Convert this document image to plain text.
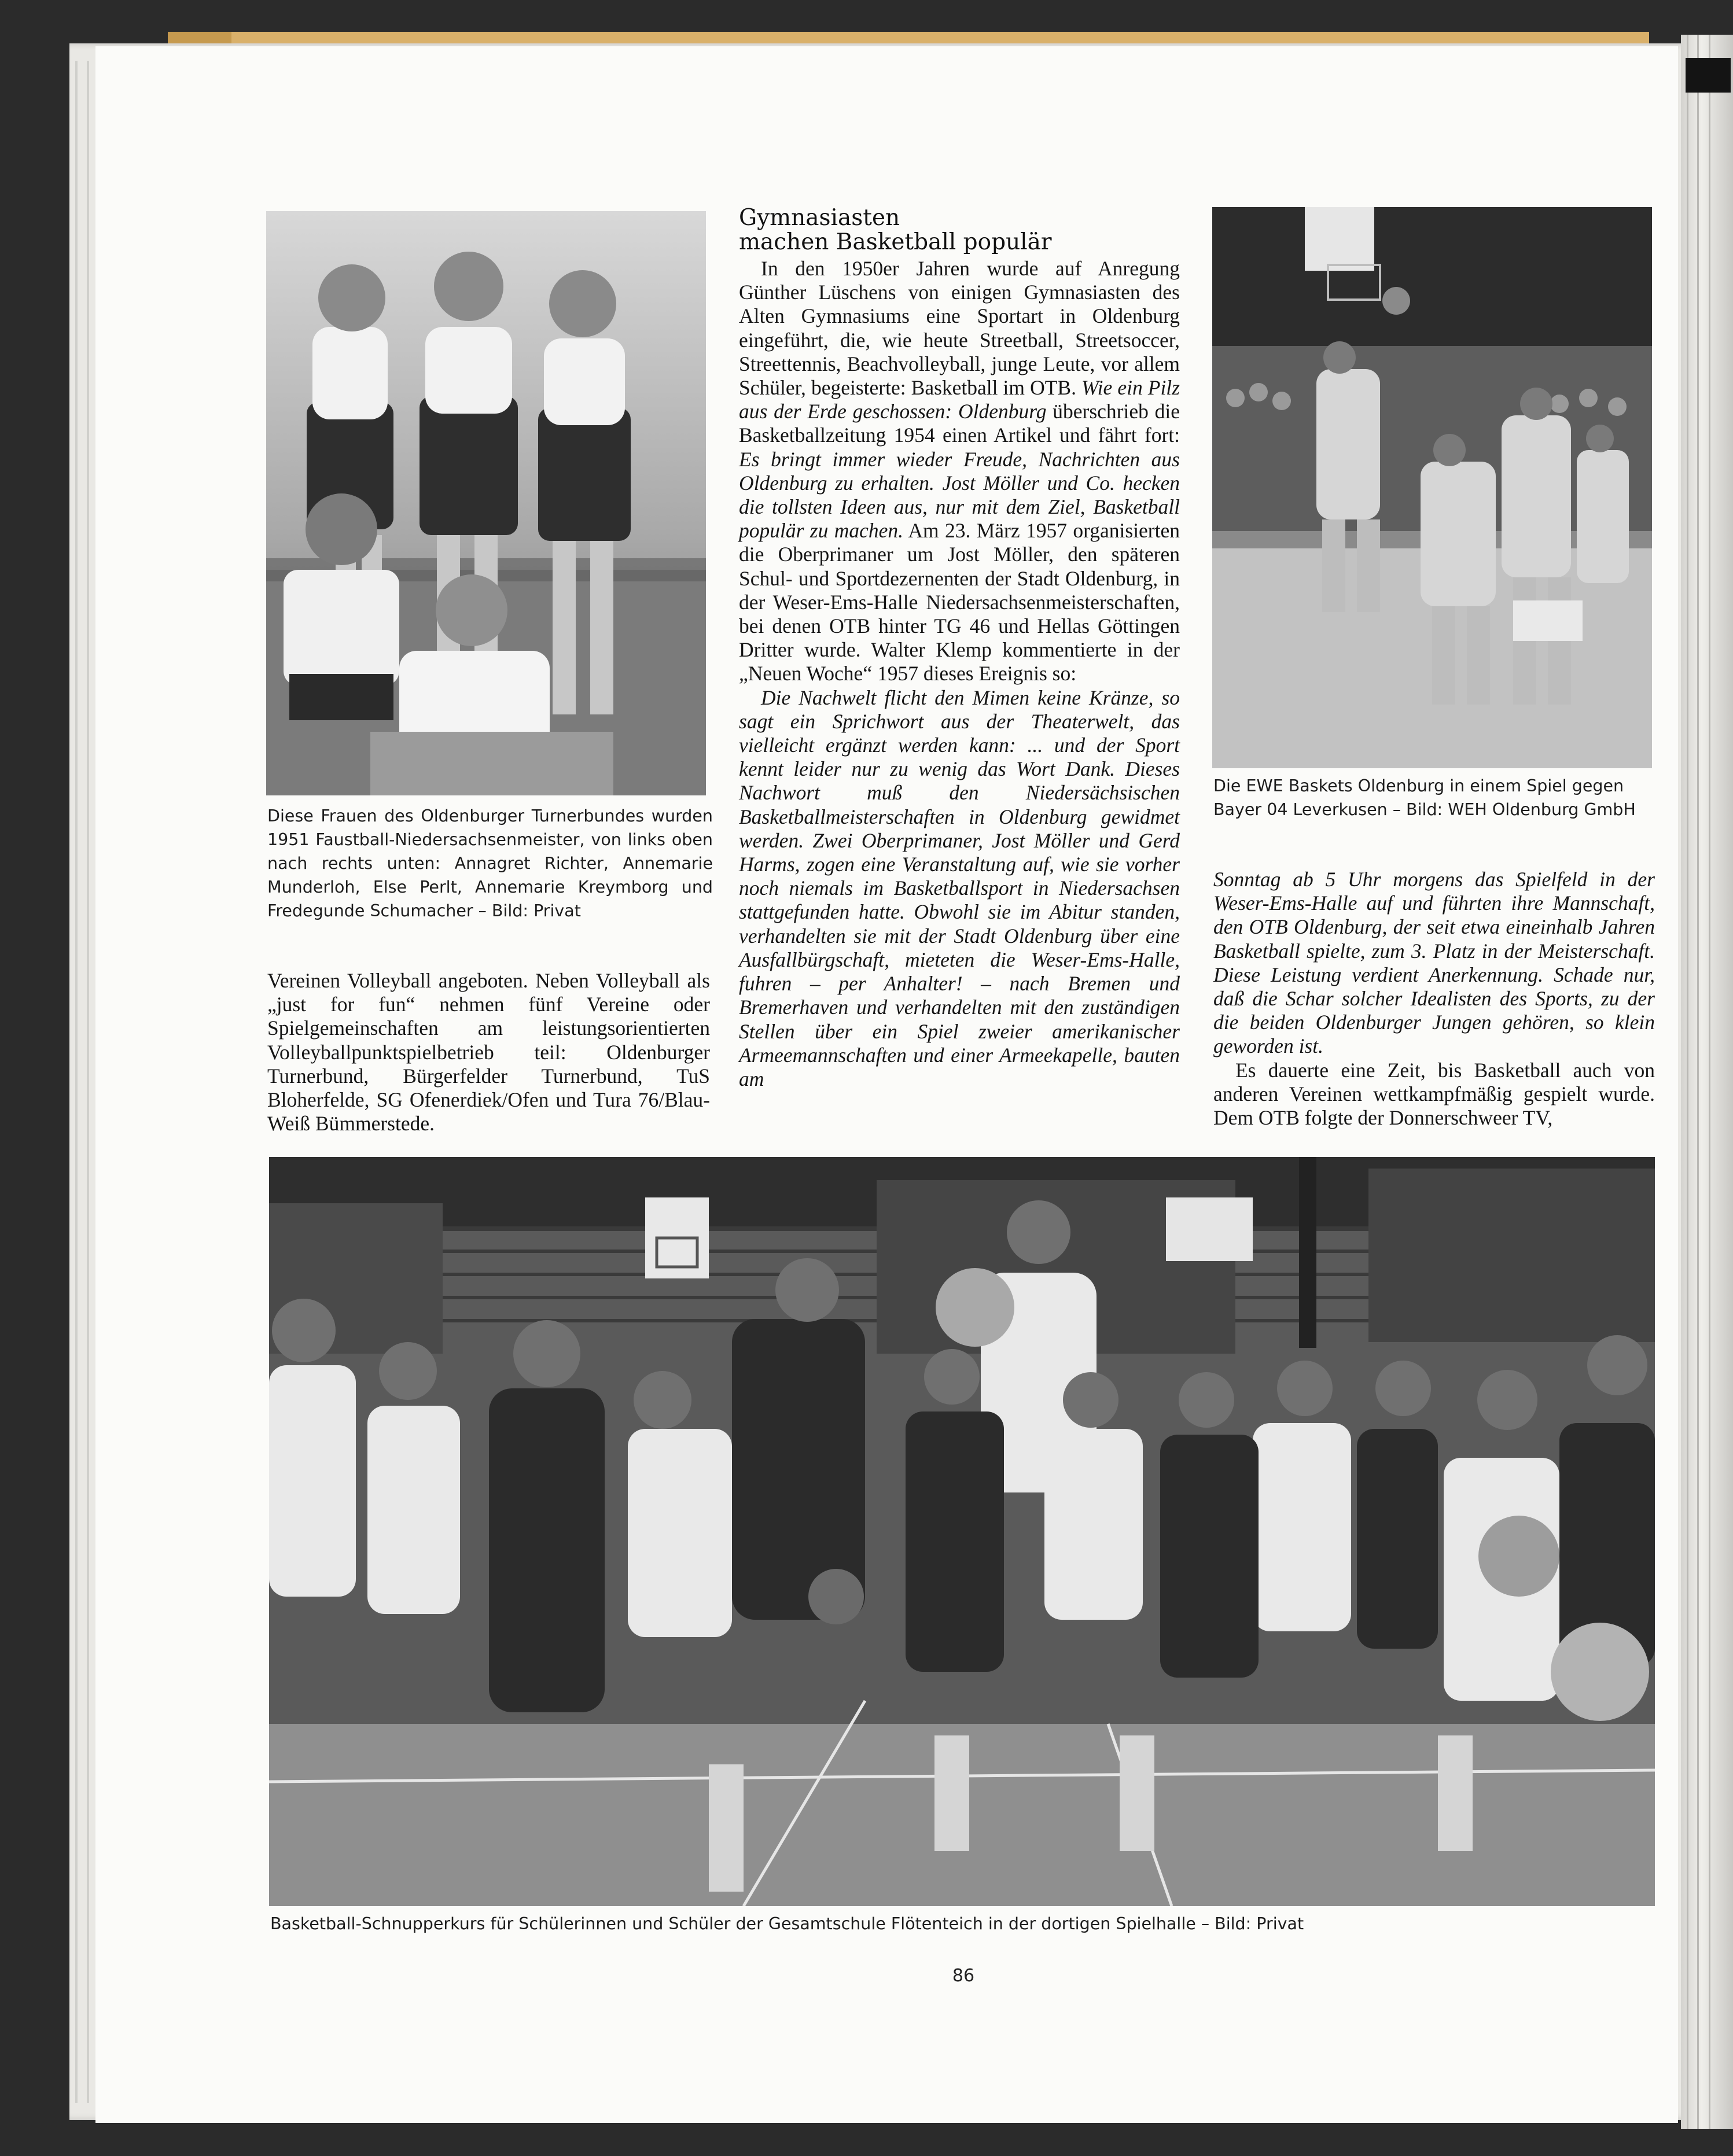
Diese Frauen des Oldenburger Turnerbundes wurden 1951 Faustball-Niedersachsenmeister, von links oben nach rechts unten: Annagret Richter, Annemarie Munderloh, Else Perlt, Annemarie Kreymborg und Fredegunde Schumacher – Bild: Privat

Vereinen Volleyball angeboten. Neben Volleyball als „just for fun“ nehmen fünf Vereine oder Spielgemeinschaften am leistungsorientierten Volleyballpunktspielbetrieb teil: Oldenburger Turnerbund, Bürgerfelder Turnerbund, TuS Bloherfelde, SG Ofenerdiek/Ofen und Tura 76/Blau-Weiß Bümmerstede.

Gymnasiasten
machen Basketball populär

In den 1950er Jahren wurde auf Anregung Günther Lüschens von einigen Gymnasiasten des Alten Gymnasiums eine Sportart in Oldenburg eingeführt, die, wie heute Streetball, Streetsoccer, Streettennis, Beachvolleyball, junge Leute, vor allem Schüler, begeisterte: Basketball im OTB. Wie ein Pilz aus der Erde geschossen: Oldenburg überschrieb die Basketballzeitung 1954 einen Artikel und fährt fort: Es bringt immer wieder Freude, Nachrichten aus Oldenburg zu erhalten. Jost Möller und Co. hecken die tollsten Ideen aus, nur mit dem Ziel, Basketball populär zu machen. Am 23. März 1957 organisierten die Oberprimaner um Jost Möller, den späteren Schul- und Sportdezernenten der Stadt Oldenburg, in der Weser-Ems-Halle Niedersachsenmeisterschaften, bei denen OTB hinter TG 46 und Hellas Göttingen Dritter wurde. Walter Klemp kommentierte in der „Neuen Woche“ 1957 dieses Ereignis so:

Die Nachwelt flicht den Mimen keine Kränze, so sagt ein Sprichwort aus der Theaterwelt, das vielleicht ergänzt werden kann: ... und der Sport kennt leider nur zu wenig das Wort Dank. Dieses Nachwort muß den Niedersächsischen Basketballmeisterschaften in Oldenburg gewidmet werden. Zwei Oberprimaner, Jost Möller und Gerd Harms, zogen eine Veranstaltung auf, wie sie vorher noch niemals im Basketballsport in Niedersachsen stattgefunden hatte. Obwohl sie im Abitur standen, verhandelten sie mit der Stadt Oldenburg über eine Ausfallbürgschaft, mieteten die Weser-Ems-Halle, fuhren – per Anhalter! – nach Bremen und Bremerhaven und verhandelten mit den zuständigen Stellen über ein Spiel zweier amerikanischer Armeemannschaften und einer Armeekapelle, bauten am

Die EWE Baskets Oldenburg in einem Spiel gegen Bayer 04 Leverkusen – Bild: WEH Oldenburg GmbH

Sonntag ab 5 Uhr morgens das Spielfeld in der Weser-Ems-Halle auf und führten ihre Mannschaft, den OTB Oldenburg, der seit etwa eineinhalb Jahren Basketball spielte, zum 3. Platz in der Meisterschaft. Diese Leistung verdient Anerkennung. Schade nur, daß die Schar solcher Idealisten des Sports, zu der die beiden Oldenburger Jungen gehören, so klein geworden ist.

Es dauerte eine Zeit, bis Basketball auch von anderen Vereinen wettkampfmäßig gespielt wurde. Dem OTB folgte der Donnerschweer TV,

Basketball-Schnupperkurs für Schülerinnen und Schüler der Gesamtschule Flötenteich in der dortigen Spielhalle – Bild: Privat
86
